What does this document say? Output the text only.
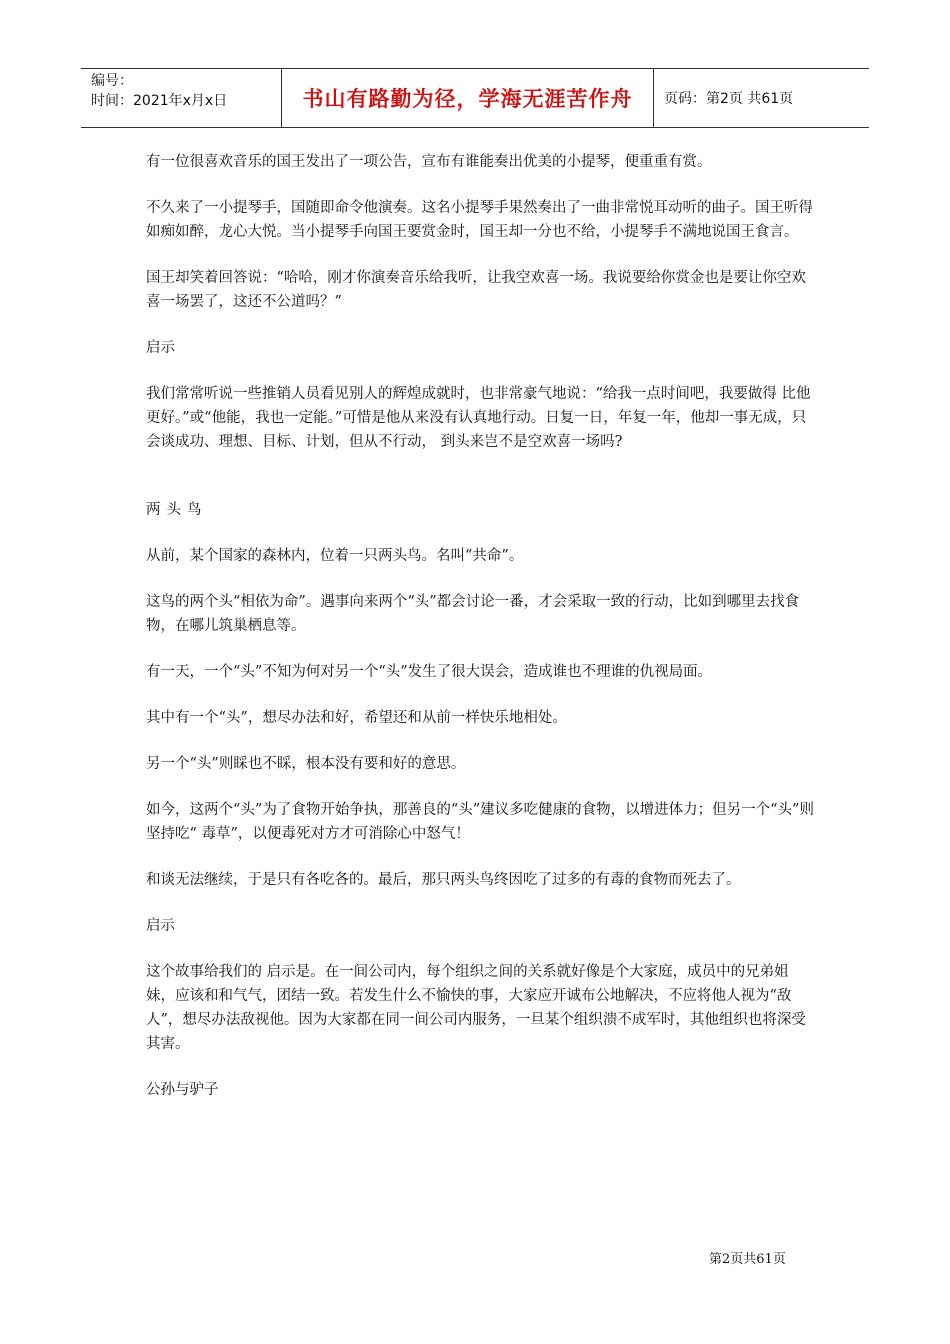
编号：
时间：2021年x月x日	书山有路勤为径，学海无涯苦作舟 页码：第2页 共61页

有一位很喜欢音乐的国王发出了一项公告，宣布有谁能奏出优美的小提琴，便重重有赏。

不久来了一小提琴手，国随即命令他演奏。这名小提琴手果然奏出了一曲非常悦耳动听的曲子。国王听得如痴如醉，龙心大悦。当小提琴手向国王要赏金时，国王却一分也不给，小提琴手不满地说国王食言。

国王却笑着回答说：“哈哈，刚才你演奏音乐给我听，让我空欢喜一场。我说要给你赏金也是要让你空欢喜一场罢了，这还不公道吗？”

启示

我们常常听说一些推销人员看见别人的辉煌成就时，也非常豪气地说：“给我一点时间吧，我要做得 比他更好。”或“他能，我也一定能。”可惜是他从来没有认真地行动。日复一日，年复一年，他却一事无成，只会谈成功、理想、目标、计划，但从不行动， 到头来岂不是空欢喜一场吗?

两头鸟

从前，某个国家的森林内，位着一只两头鸟。名叫“共命”。

这鸟的两个头“相依为命”。遇事向来两个“头”都会讨论一番，才会采取一致的行动，比如到哪里去找食物，在哪儿筑巢栖息等。

有一天，一个“头”不知为何对另一个“头”发生了很大误会，造成谁也不理谁的仇视局面。

其中有一个“头”，想尽办法和好，希望还和从前一样快乐地相处。

另一个“头”则睬也不睬，根本没有要和好的意思。

如今，这两个“头”为了食物开始争执，那善良的“头”建议多吃健康的食物，以增进体力；但另一个“头”则坚持吃“ 毒草”，以便毒死对方才可消除心中怒气！

和谈无法继续，于是只有各吃各的。最后，那只两头鸟终因吃了过多的有毒的食物而死去了。

启示

这个故事给我们的 启示是。在一间公司内，每个组织之间的关系就好像是个大家庭，成员中的兄弟姐妹，应该和和气气，团结一致。若发生什么不愉快的事，大家应开诚布公地解决，不应将他人视为“敌人”，想尽办法敌视他。因为大家都在同一间公司内服务，一旦某个组织溃不成军时，其他组织也将深受其害。

公孙与驴子

第2页共61页
